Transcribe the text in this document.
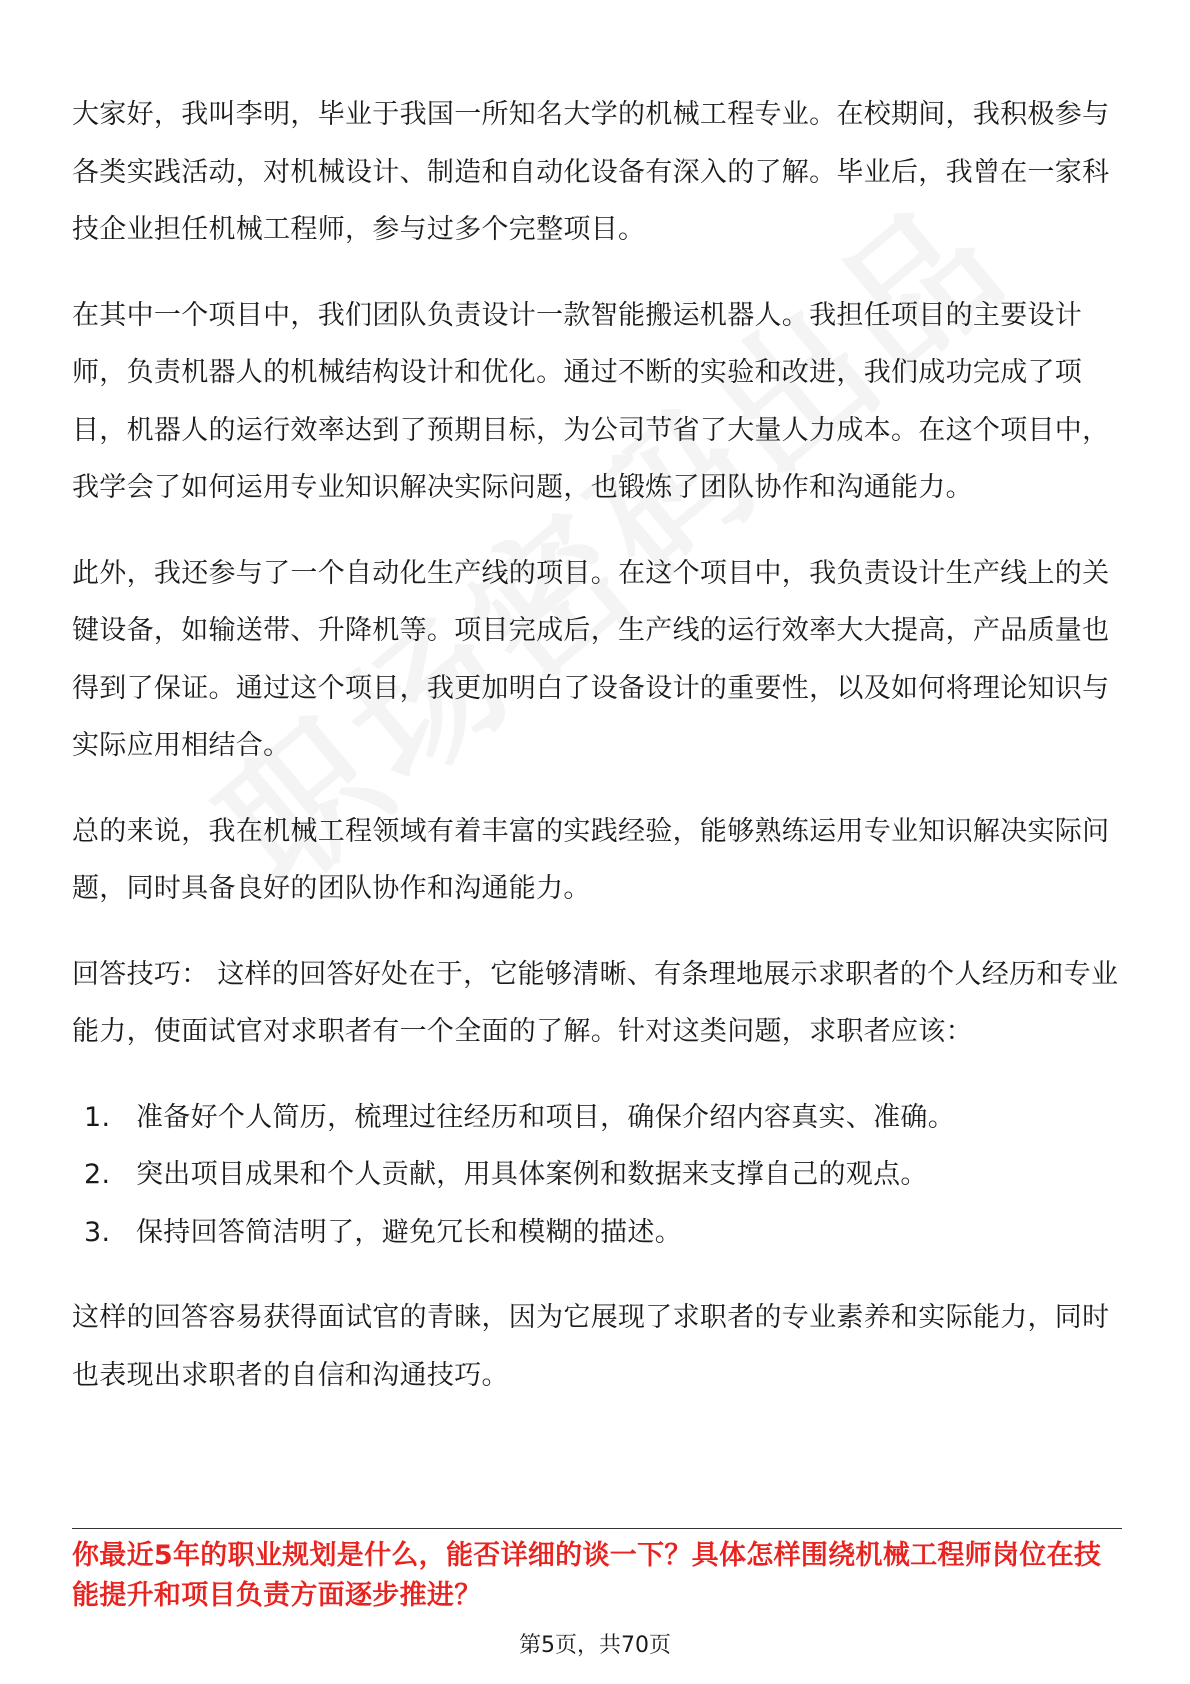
大家好，我叫李明，毕业于我国一所知名大学的机械工程专业。在校期间，我积极参与各类实践活动，对机械设计、制造和自动化设备有深入的了解。毕业后，我曾在一家科技企业担任机械工程师，参与过多个完整项目。

在其中一个项目中，我们团队负责设计一款智能搬运机器人。我担任项目的主要设计师，负责机器人的机械结构设计和优化。通过不断的实验和改进，我们成功完成了项目，机器人的运行效率达到了预期目标，为公司节省了大量人力成本。在这个项目中，我学会了如何运用专业知识解决实际问题，也锻炼了团队协作和沟通能力。

此外，我还参与了一个自动化生产线的项目。在这个项目中，我负责设计生产线上的关键设备，如输送带、升降机等。项目完成后，生产线的运行效率大大提高，产品质量也得到了保证。通过这个项目，我更加明白了设备设计的重要性，以及如何将理论知识与实际应用相结合。

总的来说，我在机械工程领域有着丰富的实践经验，能够熟练运用专业知识解决实际问题，同时具备良好的团队协作和沟通能力。

回答技巧： 这样的回答好处在于，它能够清晰、有条理地展示求职者的个人经历和专业能力，使面试官对求职者有一个全面的了解。针对这类问题，求职者应该：

1. 准备好个人简历，梳理过往经历和项目，确保介绍内容真实、准确。
2. 突出项目成果和个人贡献，用具体案例和数据来支撑自己的观点。
3. 保持回答简洁明了，避免冗长和模糊的描述。

这样的回答容易获得面试官的青睐，因为它展现了求职者的专业素养和实际能力，同时也表现出求职者的自信和沟通技巧。

你最近5年的职业规划是什么，能否详细的谈一下？具体怎样围绕机械工程师岗位在技能提升和项目负责方面逐步推进？
第5页，共70页
